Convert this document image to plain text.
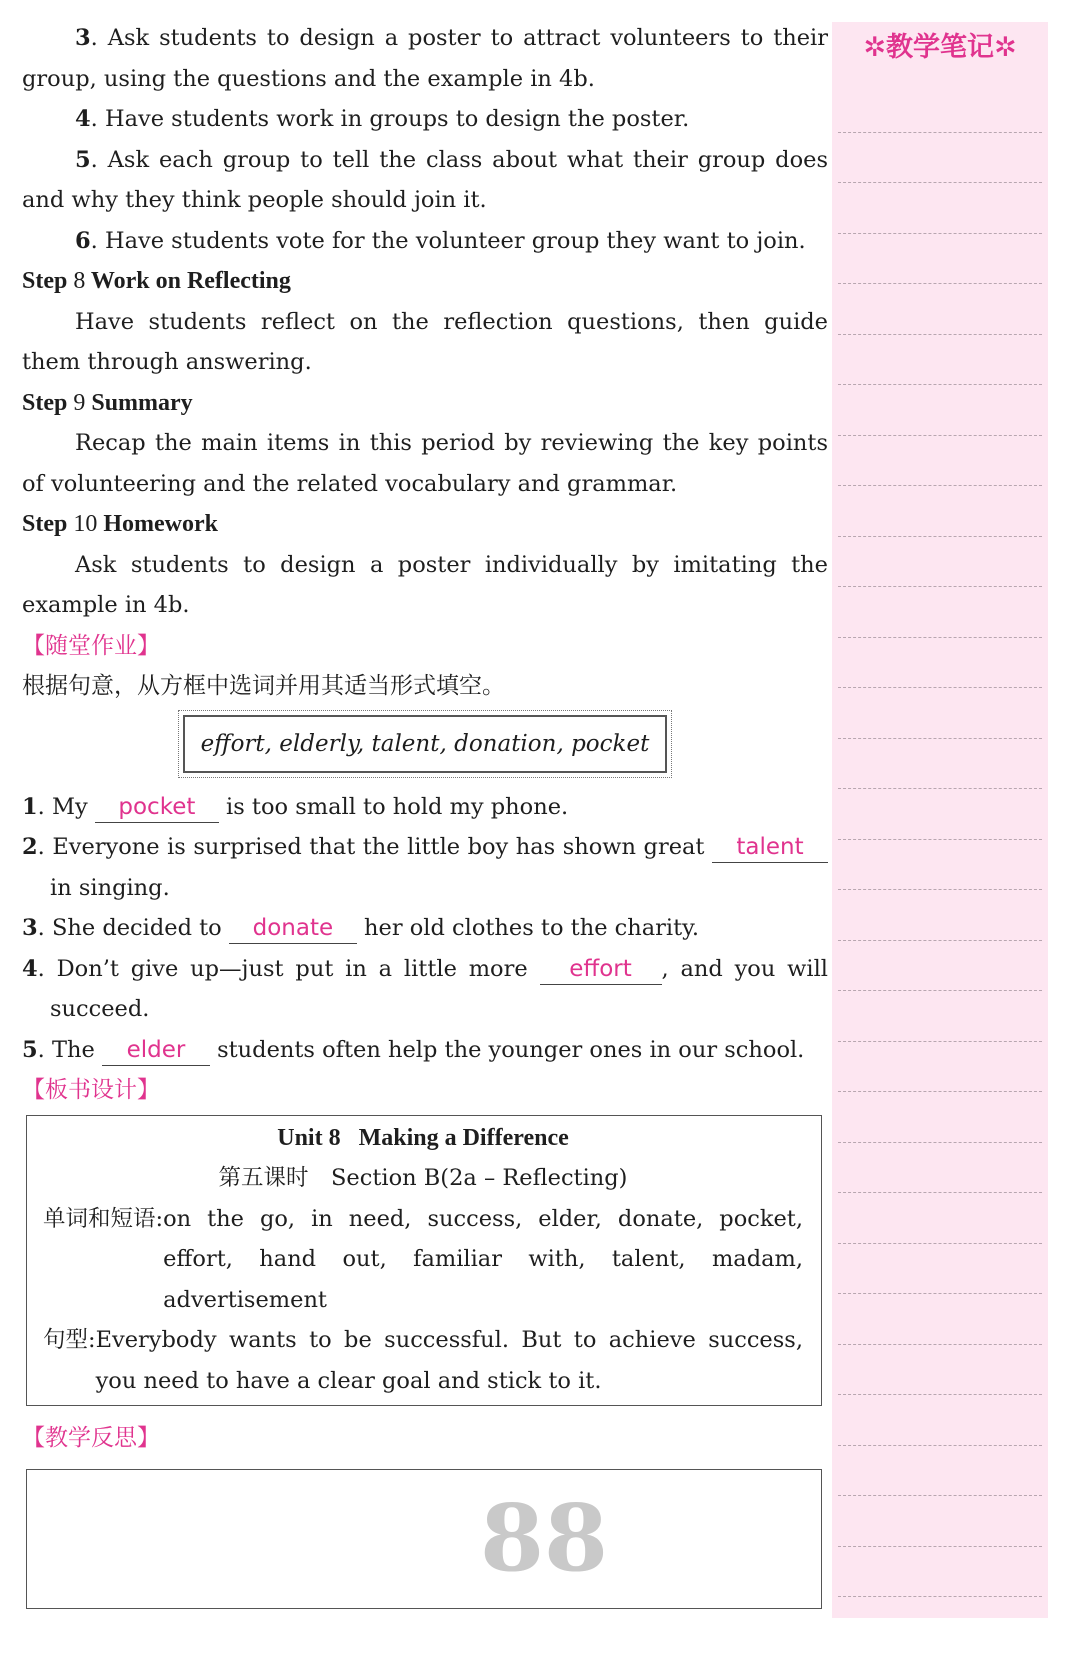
3. Ask students to design a poster to attract volunteers to their group, using the questions and the example in 4b.

4. Have students work in groups to design the poster.

5. Ask each group to tell the class about what their group does and why they think people should join it.

6. Have students vote for the volunteer group they want to join.

Step 8 Work on Reflecting

Have students reflect on the reflection questions, then guide them through answering.

Step 9 Summary

Recap the main items in this period by reviewing the key points of volunteering and the related vocabulary and grammar.

Step 10 Homework

Ask students to design a poster individually by imitating the example in 4b.

【随堂作业】

根据句意，从方框中选词并用其适当形式填空。

effort, elderly, talent, donation, pocket

1. My pocket is too small to hold my phone.

2. Everyone is surprised that the little boy has shown great talent in singing.

3. She decided to donate her old clothes to the charity.

4. Don’t give up—just put in a little more effort , and you will succeed.

5. The elder students often help the younger ones in our school.

【板书设计】

Unit 8 Making a Difference
第五课时　Section B(2a – Reflecting)
单词和短语: on the go, in need, success, elder, donate, pocket, effort, hand out, familiar with, talent, madam, advertisement
句型: Everybody wants to be successful. But to achieve success, you need to have a clear goal and stick to it.

【教学反思】

88
✲教学笔记✲
